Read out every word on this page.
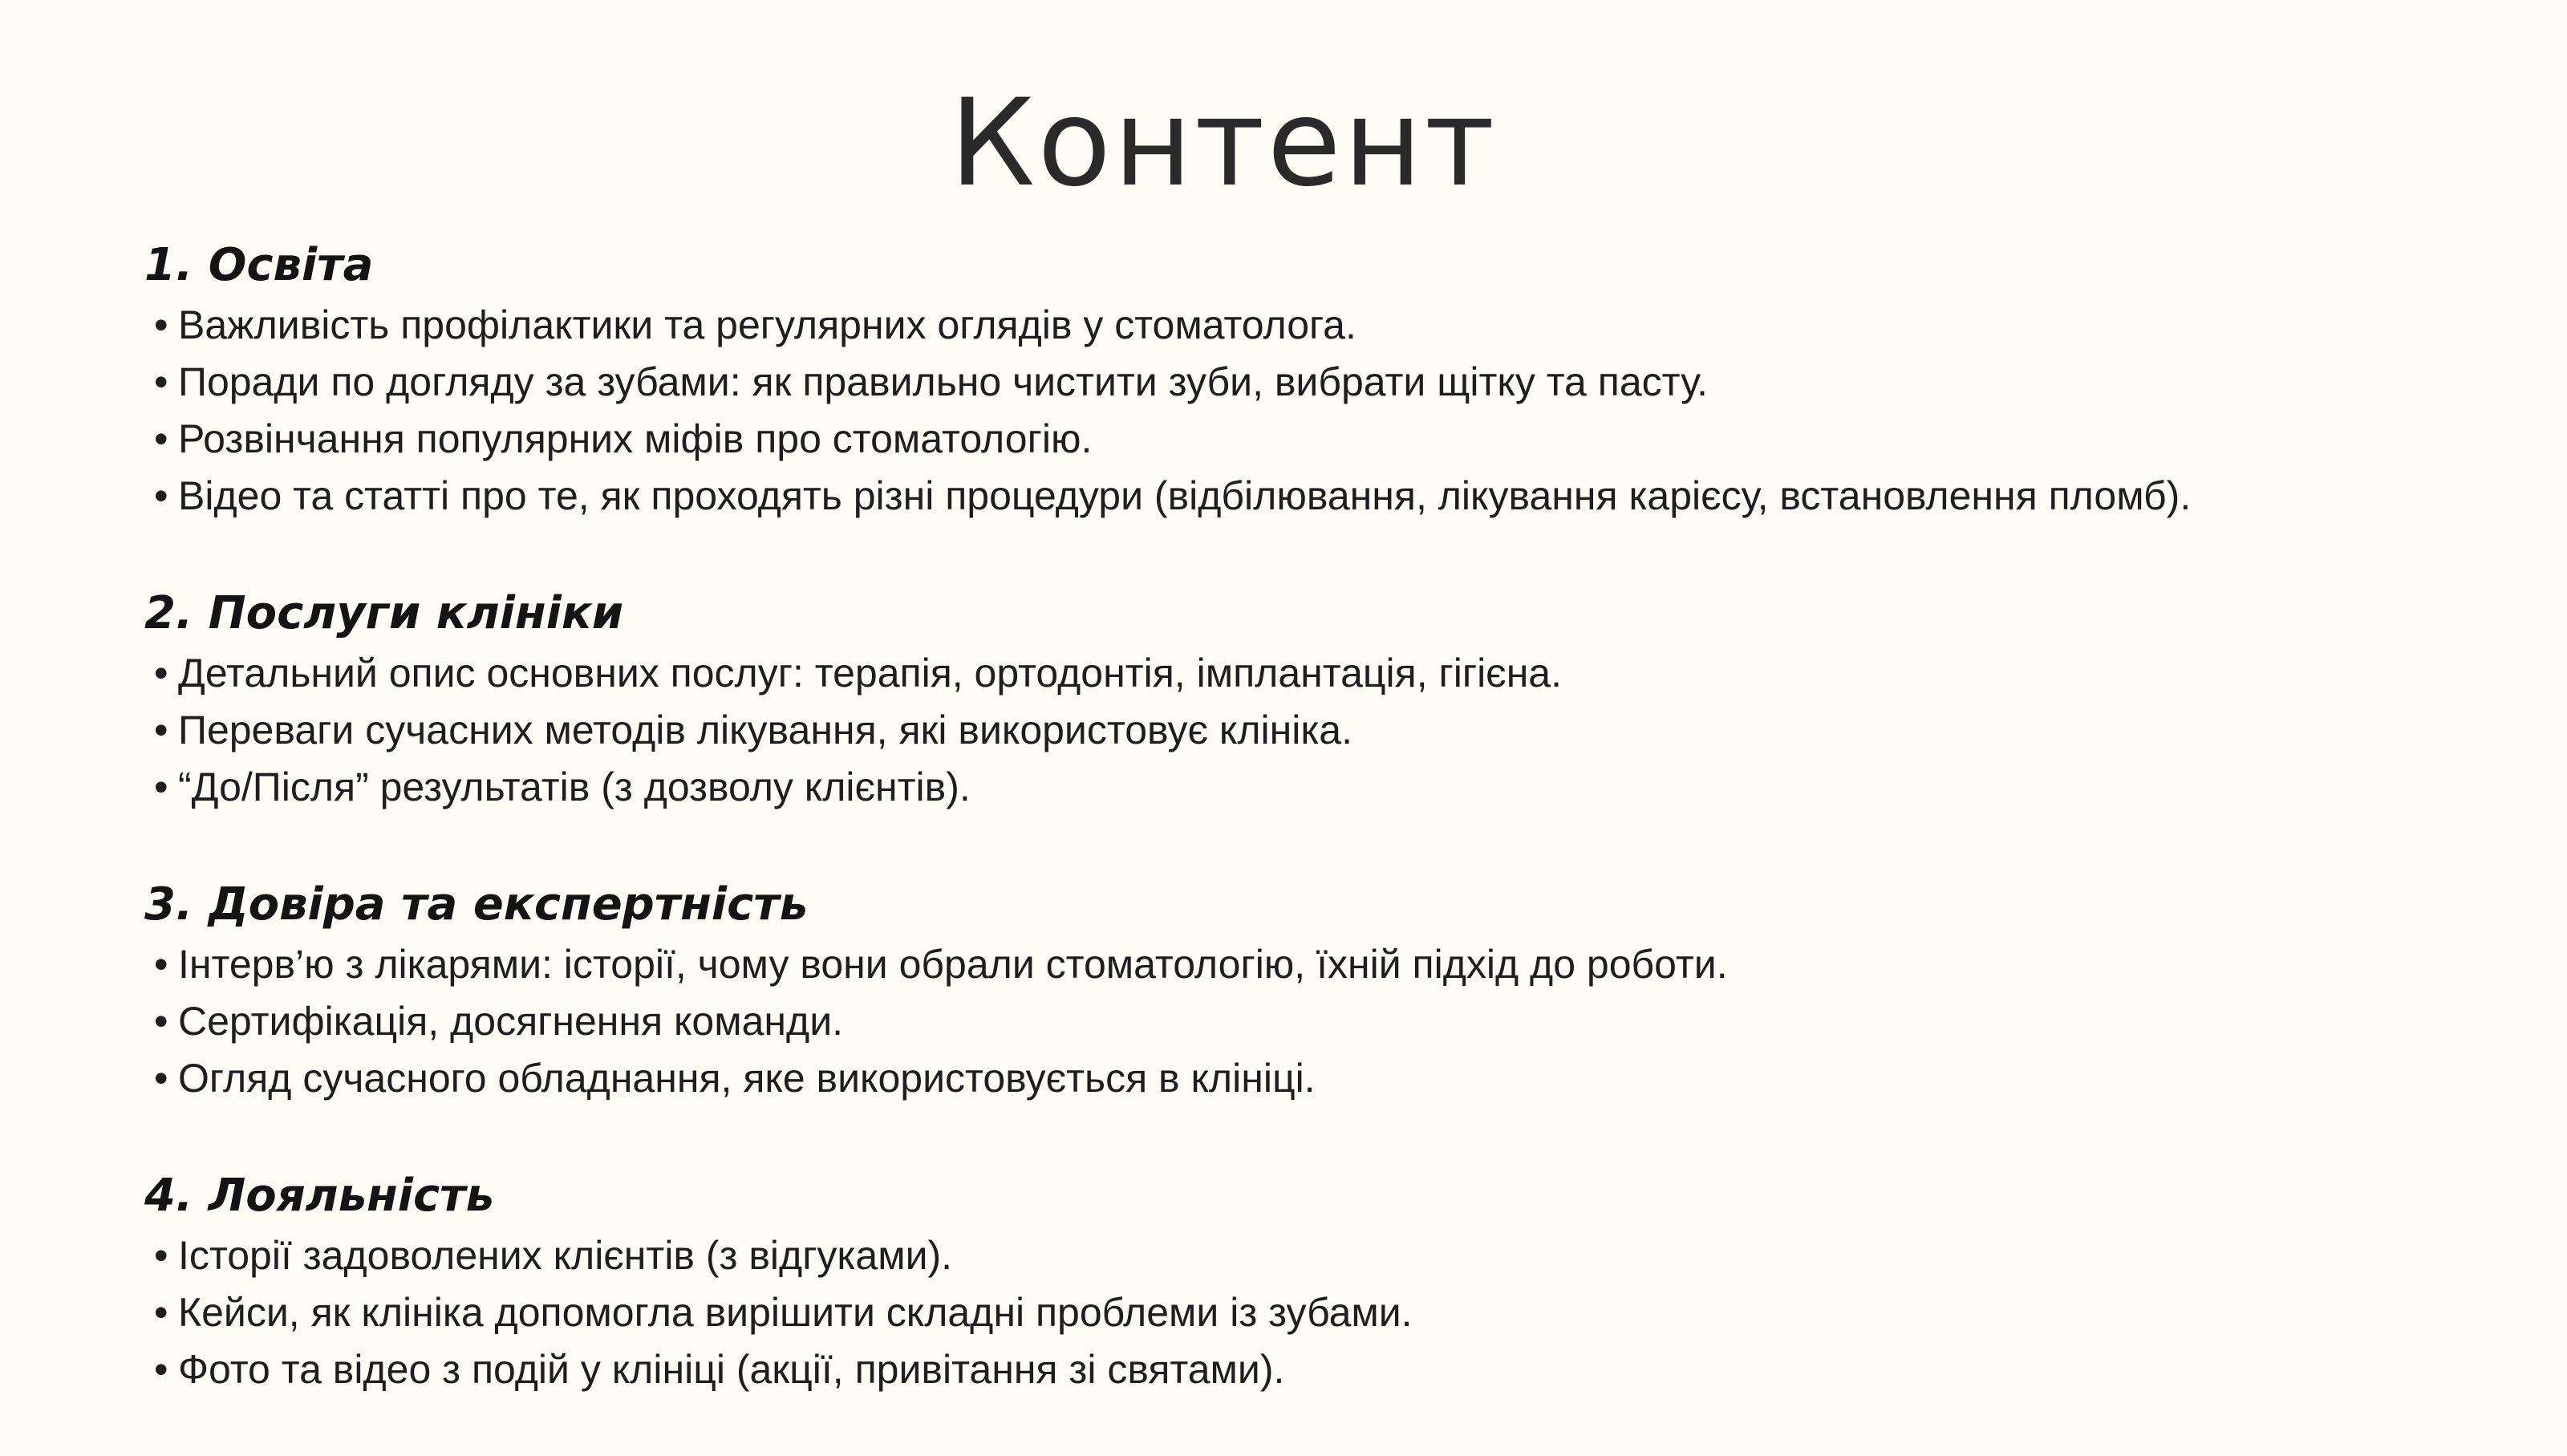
Контент
1. Освіта
• Важливість профілактики та регулярних оглядів у стоматолога.
• Поради по догляду за зубами: як правильно чистити зуби, вибрати щітку та пасту.
• Розвінчання популярних міфів про стоматологію.
• Відео та статті про те, як проходять різні процедури (відбілювання, лікування карієсу, встановлення пломб).
2. Послуги клініки
• Детальний опис основних послуг: терапія, ортодонтія, імплантація, гігієна.
• Переваги сучасних методів лікування, які використовує клініка.
• “До/Після” результатів (з дозволу клієнтів).
3. Довіра та експертність
• Інтерв’ю з лікарями: історії, чому вони обрали стоматологію, їхній підхід до роботи.
• Сертифікація, досягнення команди.
• Огляд сучасного обладнання, яке використовується в клініці.
4. Лояльність
• Історії задоволених клієнтів (з відгуками).
• Кейси, як клініка допомогла вирішити складні проблеми із зубами.
• Фото та відео з подій у клініці (акції, привітання зі святами).
